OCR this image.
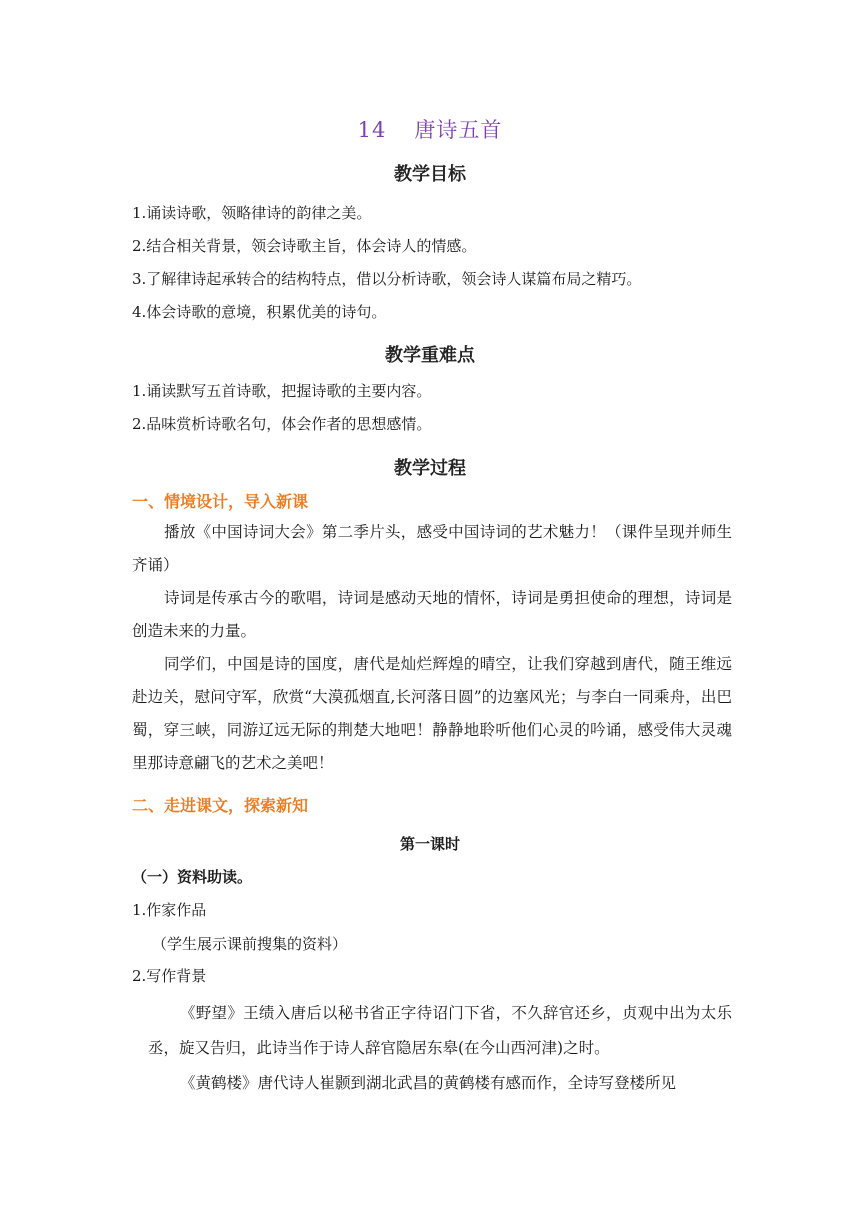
14 唐诗五首
教学目标
1.诵读诗歌，领略律诗的韵律之美。
2.结合相关背景，领会诗歌主旨，体会诗人的情感。
3.了解律诗起承转合的结构特点，借以分析诗歌，领会诗人谋篇布局之精巧。
4.体会诗歌的意境，积累优美的诗句。
教学重难点
1.诵读默写五首诗歌，把握诗歌的主要内容。
2.品味赏析诗歌名句，体会作者的思想感情。
教学过程
一、情境设计，导入新课
播放《中国诗词大会》第二季片头，感受中国诗词的艺术魅力！（课件呈现并师生齐诵）
诗词是传承古今的歌唱，诗词是感动天地的情怀，诗词是勇担使命的理想，诗词是创造未来的力量。
同学们，中国是诗的国度，唐代是灿烂辉煌的晴空，让我们穿越到唐代，随王维远赴边关，慰问守军，欣赏“大漠孤烟直,长河落日圆”的边塞风光；与李白一同乘舟，出巴蜀，穿三峡，同游辽远无际的荆楚大地吧！静静地聆听他们心灵的吟诵，感受伟大灵魂里那诗意翩飞的艺术之美吧！
二、走进课文，探索新知
第一课时
（一）资料助读。
1.作家作品
（学生展示课前搜集的资料）
2.写作背景
《野望》王绩入唐后以秘书省正字待诏门下省，不久辞官还乡，贞观中出为太乐丞，旋又告归，此诗当作于诗人辞官隐居东皋(在今山西河津)之时。
《黄鹤楼》唐代诗人崔颢到湖北武昌的黄鹤楼有感而作，全诗写登楼所见
